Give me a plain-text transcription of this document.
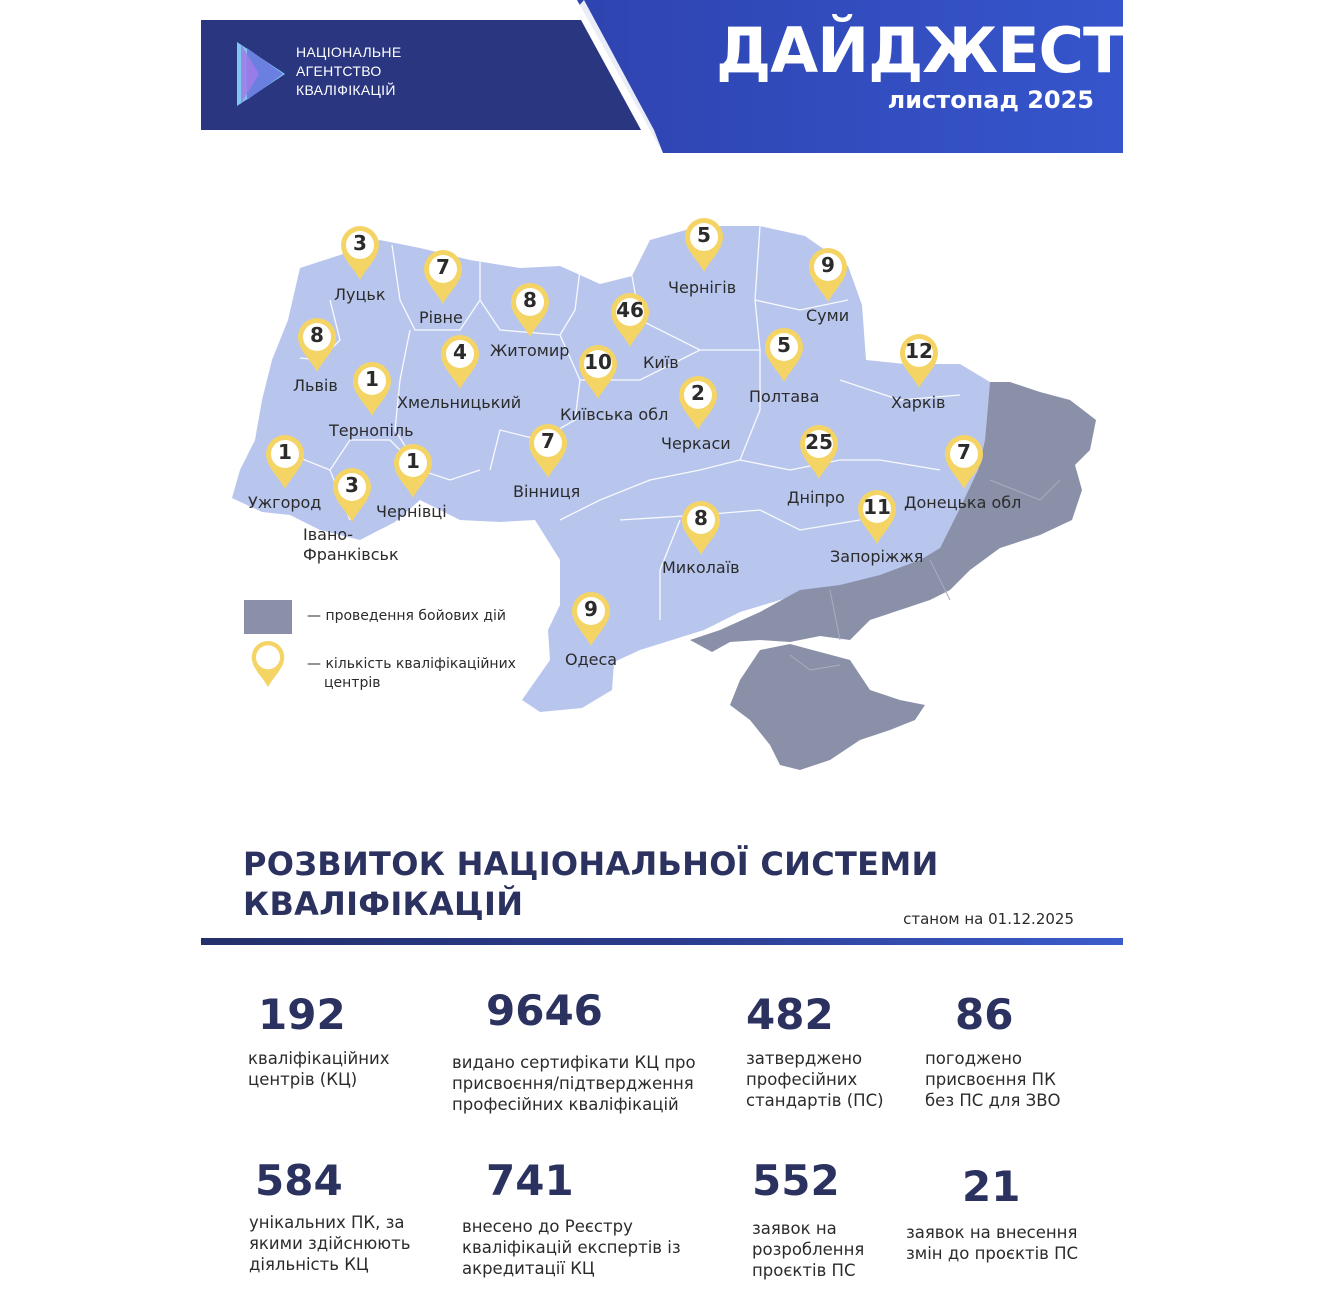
НАЦІОНАЛЬНЕ
АГЕНТСТВО
КВАЛІФІКАЦІЙ
ДАЙДЖЕСТ
листопад 2025
3
7
8	46
5
9
8
4
1
10
2
5	12
1
3
1
7	25	7
11
8
9
Луцьк
Рівне
Житомир
Київ
Чернігів
Суми
Львів
Хмельницький
Тернопіль
Київська обл
Черкаси
Полтава	Харків
Ужгород
Івано-
Франківськ
Чернівці
Вінниця	Дніпро	Донецька обл
Запоріжжя
Миколаїв
Одеса
— проведення бойових дій
— кількість кваліфікаційних
центрів
РОЗВИТОК НАЦІОНАЛЬНОЇ СИСТЕМИ
КВАЛІФІКАЦІЙ	станом на 01.12.2025
192
кваліфікаційних
центрів (КЦ)
9646
видано сертифікати КЦ про
присвоєння/підтвердження
професійних кваліфікацій
482
затверджено
професійних
стандартів (ПС)
86
погоджено
присвоєння ПК
без ПС для ЗВО
584
унікальних ПК, за
якими здійснюють
діяльність КЦ
741
внесено до Реєстру
кваліфікацій експертів із
акредитації КЦ
552
заявок на
розроблення
проєктів ПС
21
заявок на внесення
змін до проєктів ПС
